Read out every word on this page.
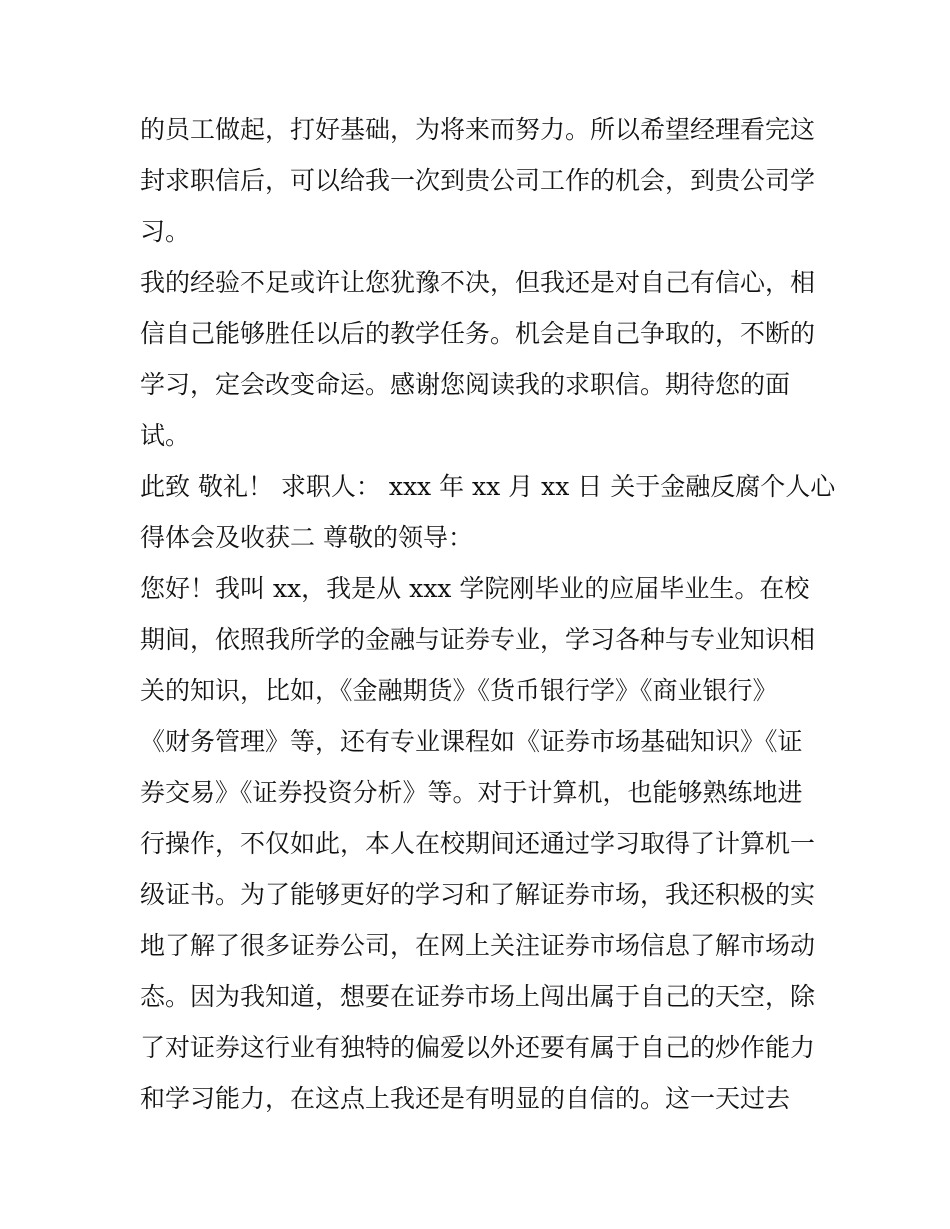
的员工做起，打好基础，为将来而努力。所以希望经理看完这
封求职信后，可以给我一次到贵公司工作的机会，到贵公司学
习。
我的经验不足或许让您犹豫不决，但我还是对自己有信心，相
信自己能够胜任以后的教学任务。机会是自己争取的，不断的
学习，定会改变命运。感谢您阅读我的求职信。期待您的面
试。
此致 敬礼！ 求职人： xxx 年 xx 月 xx 日 关于金融反腐个人心
得体会及收获二 尊敬的领导：
您好！我叫 xx，我是从 xxx 学院刚毕业的应届毕业生。在校
期间，依照我所学的金融与证券专业，学习各种与专业知识相
关的知识，比如，《金融期货》《货币银行学》《商业银行》
《财务管理》等，还有专业课程如《证券市场基础知识》《证
券交易》《证券投资分析》等。对于计算机，也能够熟练地进
行操作，不仅如此，本人在校期间还通过学习取得了计算机一
级证书。为了能够更好的学习和了解证券市场，我还积极的实
地了解了很多证券公司，在网上关注证券市场信息了解市场动
态。因为我知道，想要在证券市场上闯出属于自己的天空，除
了对证券这行业有独特的偏爱以外还要有属于自己的炒作能力
和学习能力，在这点上我还是有明显的自信的。这一天过去
